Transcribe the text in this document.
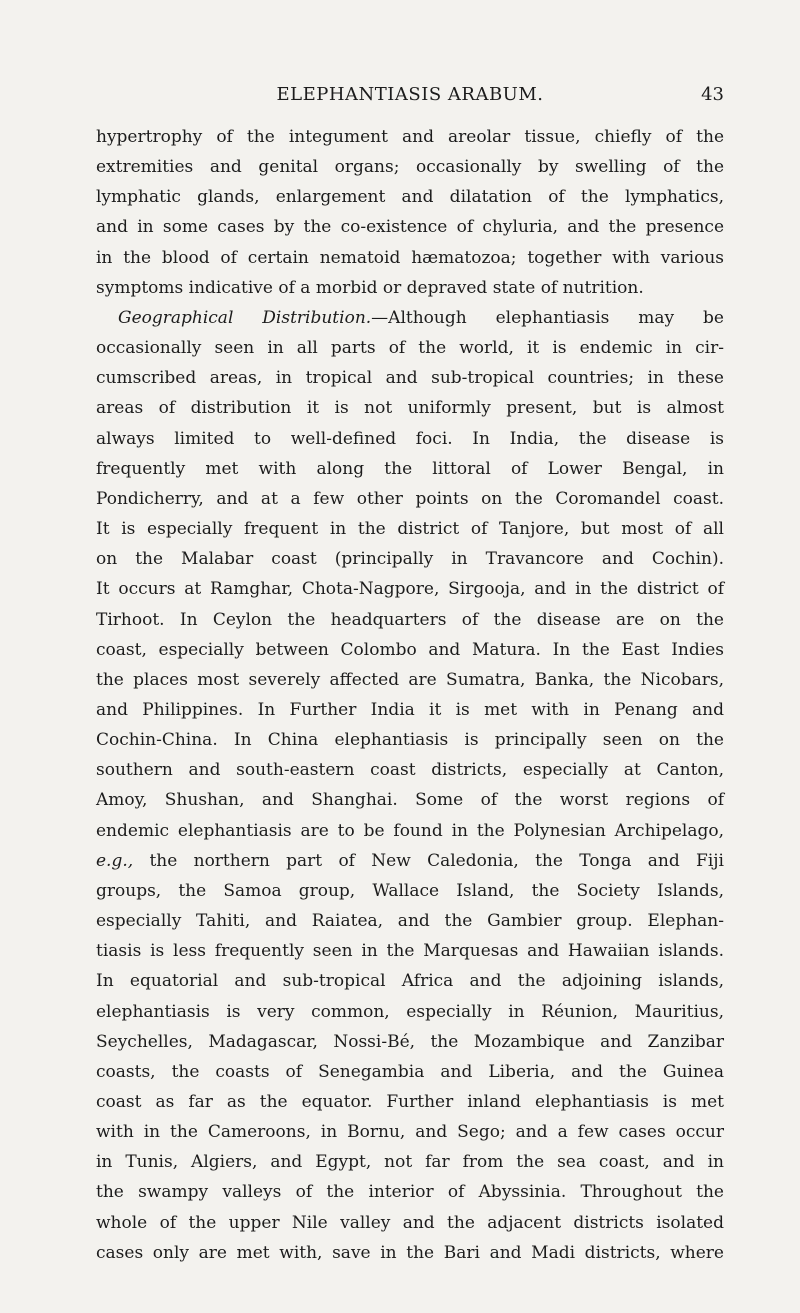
ELEPHANTIASIS ARABUM.	43
hypertrophy of the integument and areolar tissue, chiefly of the
extremities and genital organs; occasionally by swelling of the
lymphatic glands, enlargement and dilatation of the lymphatics,
and in some cases by the co-existence of chyluria, and the presence
in the blood of certain nematoid hæmatozoa; together with various
symptoms indicative of a morbid or depraved state of nutrition.
Geographical Distribution.—Although elephantiasis may be
occasionally seen in all parts of the world, it is endemic in cir-
cumscribed areas, in tropical and sub-tropical countries; in these
areas of distribution it is not uniformly present, but is almost
always limited to well-defined foci. In India, the disease is
frequently met with along the littoral of Lower Bengal, in
Pondicherry, and at a few other points on the Coromandel coast.
It is especially frequent in the district of Tanjore, but most of all
on the Malabar coast (principally in Travancore and Cochin).
It occurs at Ramghar, Chota-Nagpore, Sirgooja, and in the district of
Tirhoot. In Ceylon the headquarters of the disease are on the
coast, especially between Colombo and Matura. In the East Indies
the places most severely affected are Sumatra, Banka, the Nicobars,
and Philippines. In Further India it is met with in Penang and
Cochin-China. In China elephantiasis is principally seen on the
southern and south-eastern coast districts, especially at Canton,
Amoy, Shushan, and Shanghai. Some of the worst regions of
endemic elephantiasis are to be found in the Polynesian Archipelago,
e.g., the northern part of New Caledonia, the Tonga and Fiji
groups, the Samoa group, Wallace Island, the Society Islands,
especially Tahiti, and Raiatea, and the Gambier group. Elephan-
tiasis is less frequently seen in the Marquesas and Hawaiian islands.
In equatorial and sub-tropical Africa and the adjoining islands,
elephantiasis is very common, especially in Réunion, Mauritius,
Seychelles, Madagascar, Nossi-Bé, the Mozambique and Zanzibar
coasts, the coasts of Senegambia and Liberia, and the Guinea
coast as far as the equator. Further inland elephantiasis is met
with in the Cameroons, in Bornu, and Sego; and a few cases occur
in Tunis, Algiers, and Egypt, not far from the sea coast, and in
the swampy valleys of the interior of Abyssinia. Throughout the
whole of the upper Nile valley and the adjacent districts isolated
cases only are met with, save in the Bari and Madi districts, where
